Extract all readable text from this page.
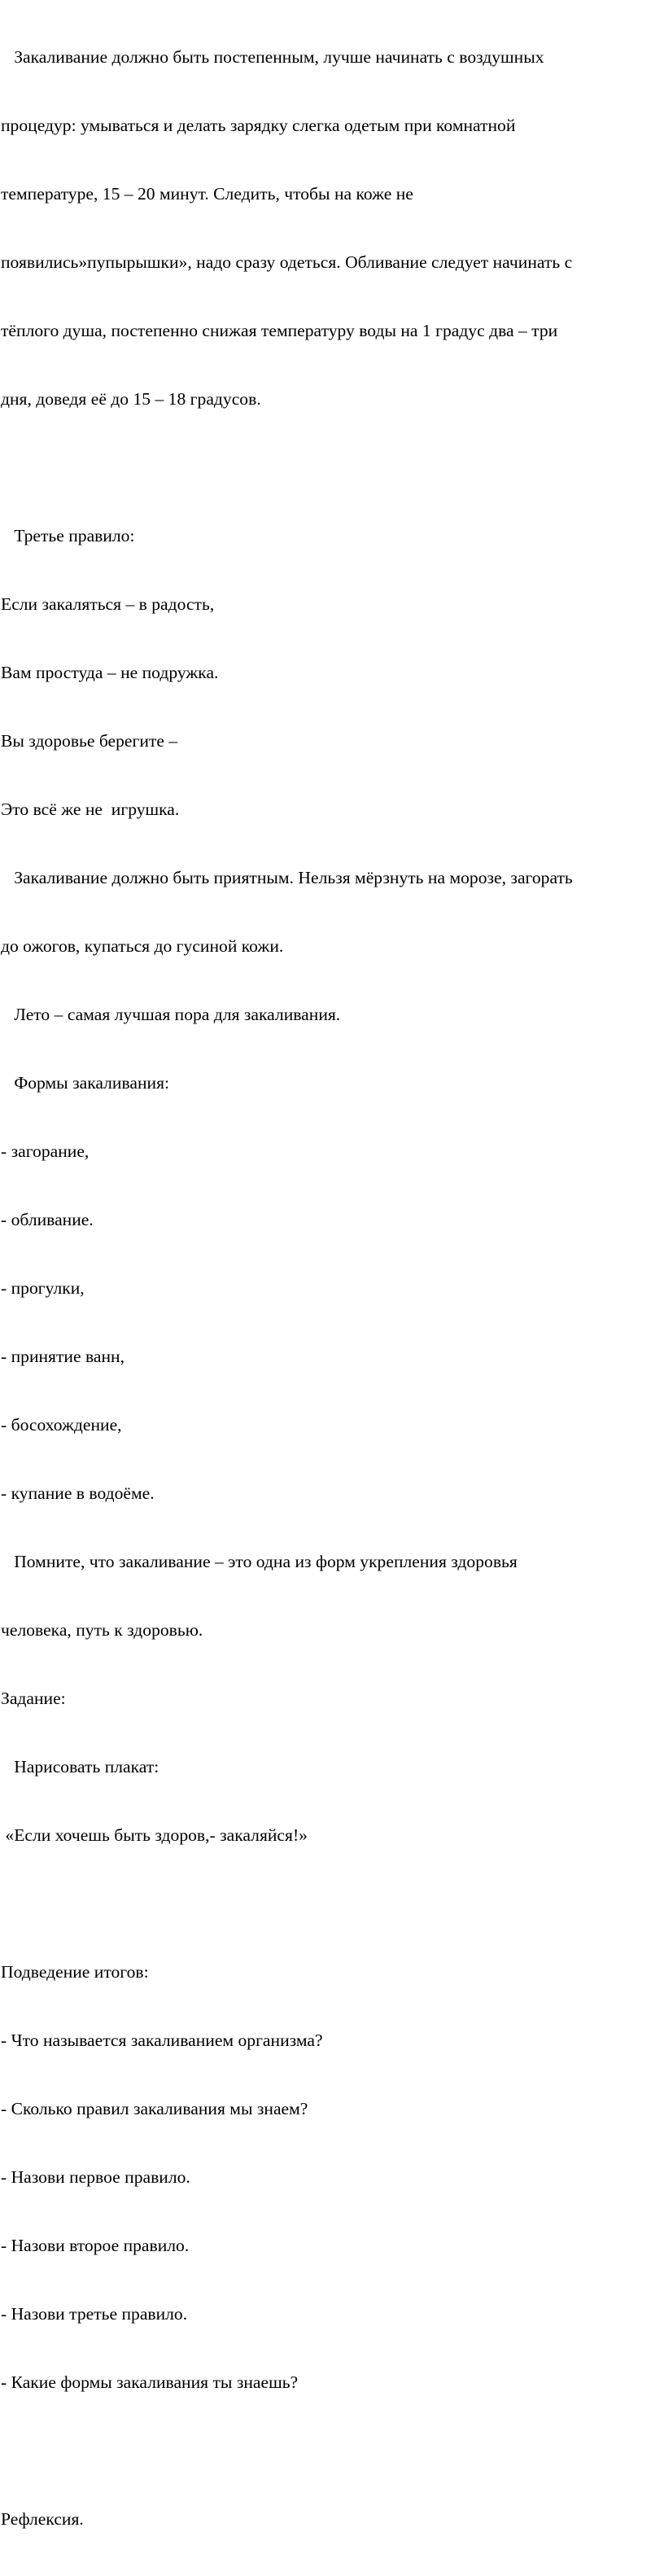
Закаливание должно быть постепенным, лучше начинать с воздушных

процедур: умываться и делать зарядку слегка одетым при комнатной

температуре, 15 – 20 минут. Следить, чтобы на коже не

появились»пупырышки», надо сразу одеться. Обливание следует начинать с

тёплого душа, постепенно снижая температуру воды на 1 градус два – три

дня, доведя её до 15 – 18 градусов.

Третье правило:

Если закаляться – в радость,

Вам простуда – не подружка.

Вы здоровье берегите –

Это всё же не  игрушка.

Закаливание должно быть приятным. Нельзя мёрзнуть на морозе, загорать

до ожогов, купаться до гусиной кожи.

Лето – самая лучшая пора для закаливания.

Формы закаливания:

- загорание,

- обливание.

- прогулки,

- принятие ванн,

- босохождение,

- купание в водоёме.

Помните, что закаливание – это одна из форм укрепления здоровья

человека, путь к здоровью.

Задание:

Нарисовать плакат:

«Если хочешь быть здоров,- закаляйся!»

Подведение итогов:

- Что называется закаливанием организма?

- Сколько правил закаливания мы знаем?

- Назови первое правило.

- Назови второе правило.

- Назови третье правило.

- Какие формы закаливания ты знаешь?

Рефлексия.
